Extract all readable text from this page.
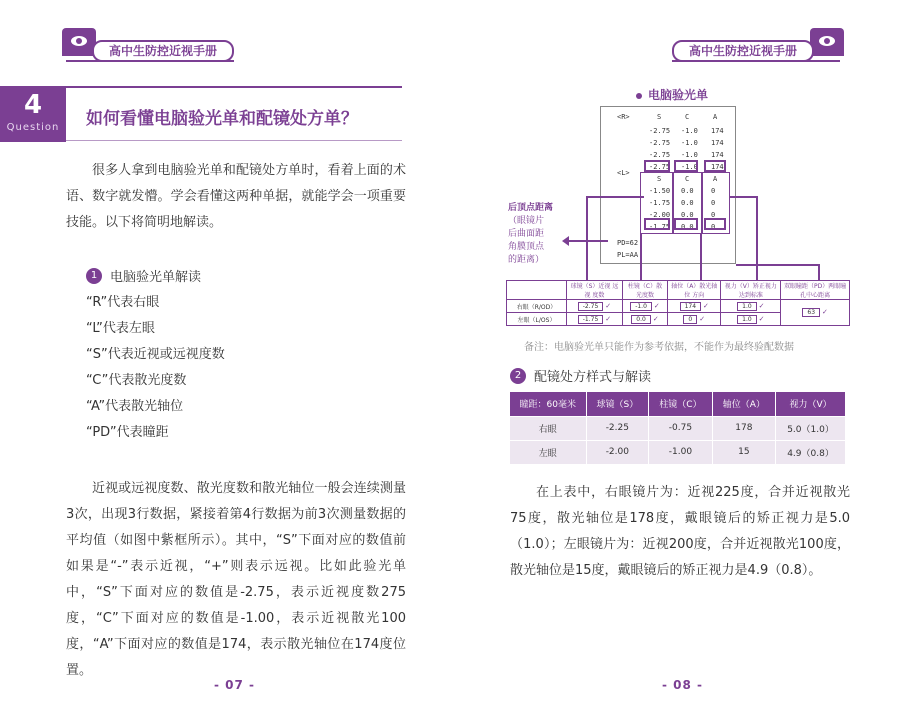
高中生防控近视手册	高中生防控近视手册
4
Question	如何看懂电脑验光单和配镜处方单？
很多人拿到电脑验光单和配镜处方单时，看着上面的术语、数字就发懵。学会看懂这两种单据，就能学会一项重要技能。以下将简明地解读。
1 电脑验光单解读
“R”代表右眼
“L”代表左眼
“S”代表近视或远视度数
“C”代表散光度数
“A”代表散光轴位
“PD”代表瞳距
近视或远视度数、散光度数和散光轴位一般会连续测量3次，出现3行数据，紧接着第4行数据为前3次测量数据的平均值（如图中紫框所示）。其中，“S”下面对应的数值前如果是“-”表示近视，“+”则表示远视。比如此验光单中，“S”下面对应的数值是-2.75，表示近视度数275度，“C”下面对应的数值是-1.00，表示近视散光100度，“A”下面对应的数值是174，表示散光轴位在174度位置。
- 07 -
电脑验光单
<R>	S	C	A
-2.75 -1.0 174
-2.75 -1.0 174
-2.75 -1.0 174
-2.75 -1.0 174
<L>
S	C	A
-1.50 0.0 0
-1.75 0.0 0
-2.00 0.0 0
-1.75 0.0 0
PD=62
PL=AA
后顶点距离
（眼镜片
后曲面距
角膜顶点
的距离）
	球镜（S）近视 远视 度数	柱镜（C）散光度数	轴位（A）散光轴位 方向	视力（V）矫正视力 达到标准	双眼瞳距（PD）两眼瞳孔中心距离
右眼（R/OD）	-2.75 ✓	-1.0 ✓	174 ✓	1.0 ✓	63 ✓
左眼（L/OS）	-1.75 ✓	0.0 ✓	0 ✓	1.0 ✓	
备注：电脑验光单只能作为参考依据，不能作为最终验配数据
2 配镜处方样式与解读
瞳距：60毫米	球镜（S）	柱镜（C）	轴位（A）	视力（V）
右眼	-2.25	-0.75	178	5.0（1.0）
左眼	-2.00	-1.00	15	4.9（0.8）
在上表中，右眼镜片为：近视225度，合并近视散光75度，散光轴位是178度，戴眼镜后的矫正视力是5.0（1.0）；左眼镜片为：近视200度，合并近视散光100度，散光轴位是15度，戴眼镜后的矫正视力是4.9（0.8）。
- 08 -
